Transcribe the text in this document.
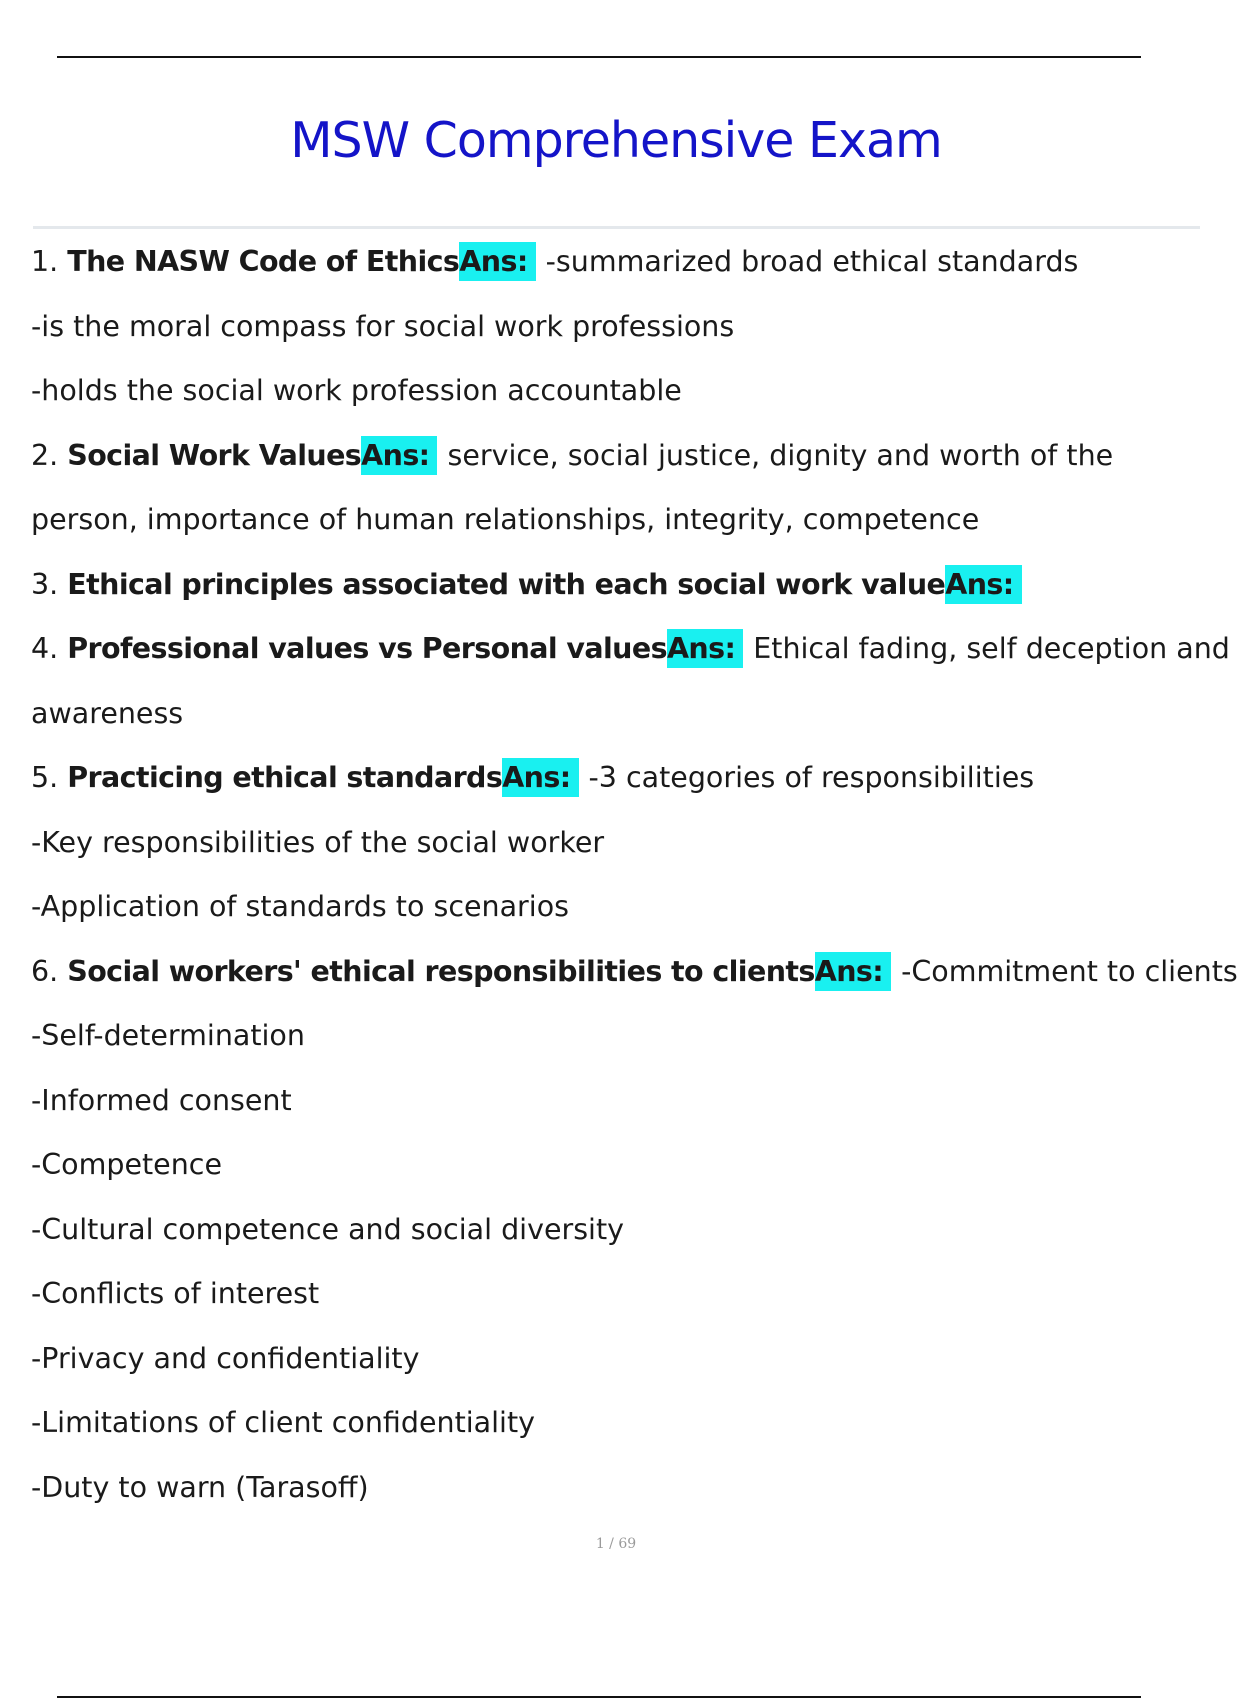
MSW Comprehensive Exam
1. The NASW Code of EthicsAns: -summarized broad ethical standards
-is the moral compass for social work professions
-holds the social work profession accountable
2. Social Work ValuesAns: service, social justice, dignity and worth of the
person, importance of human relationships, integrity, competence
3. Ethical principles associated with each social work valueAns:
4. Professional values vs Personal valuesAns: Ethical fading, self deception and
awareness
5. Practicing ethical standardsAns: -3 categories of responsibilities
-Key responsibilities of the social worker
-Application of standards to scenarios
6. Social workers' ethical responsibilities to clientsAns: -Commitment to clients
-Self-determination
-Informed consent
-Competence
-Cultural competence and social diversity
-Conflicts of interest
-Privacy and confidentiality
-Limitations of client confidentiality
-Duty to warn (Tarasoff)
1 / 69
